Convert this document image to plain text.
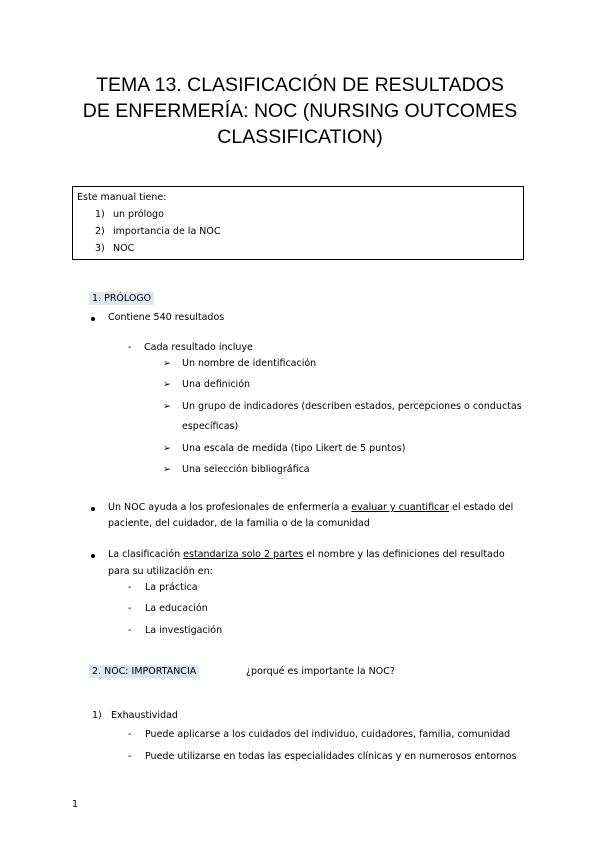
TEMA 13. CLASIFICACIÓN DE RESULTADOS
DE ENFERMERÍA: NOC (NURSING OUTCOMES
CLASSIFICATION)
Este manual tiene:
1) un prólogo
2) importancia de la NOC
3) NOC
1. PRÓLOGO
Contiene 540 resultados
- Cada resultado incluye
➢ Un nombre de identificación
➢ Una definición
➢ Un grupo de indicadores (describen estados, percepciones o conductas
específicas)
➢ Una escala de medida (tipo Likert de 5 puntos)
➢ Una selección bibliográfica
Un NOC ayuda a los profesionales de enfermería a evaluar y cuantificar el estado del
paciente, del cuidador, de la familia o de la comunidad
La clasificación estandariza solo 2 partes el nombre y las definiciones del resultado
para su utilización en:
- La práctica
- La educación
- La investigación
2. NOC: IMPORTANCIA	¿porqué es importante la NOC?
1) Exhaustividad
- Puede aplicarse a los cuidados del individuo, cuidadores, familia, comunidad
- Puede utilizarse en todas las especialidades clínicas y en numerosos entornos
1
